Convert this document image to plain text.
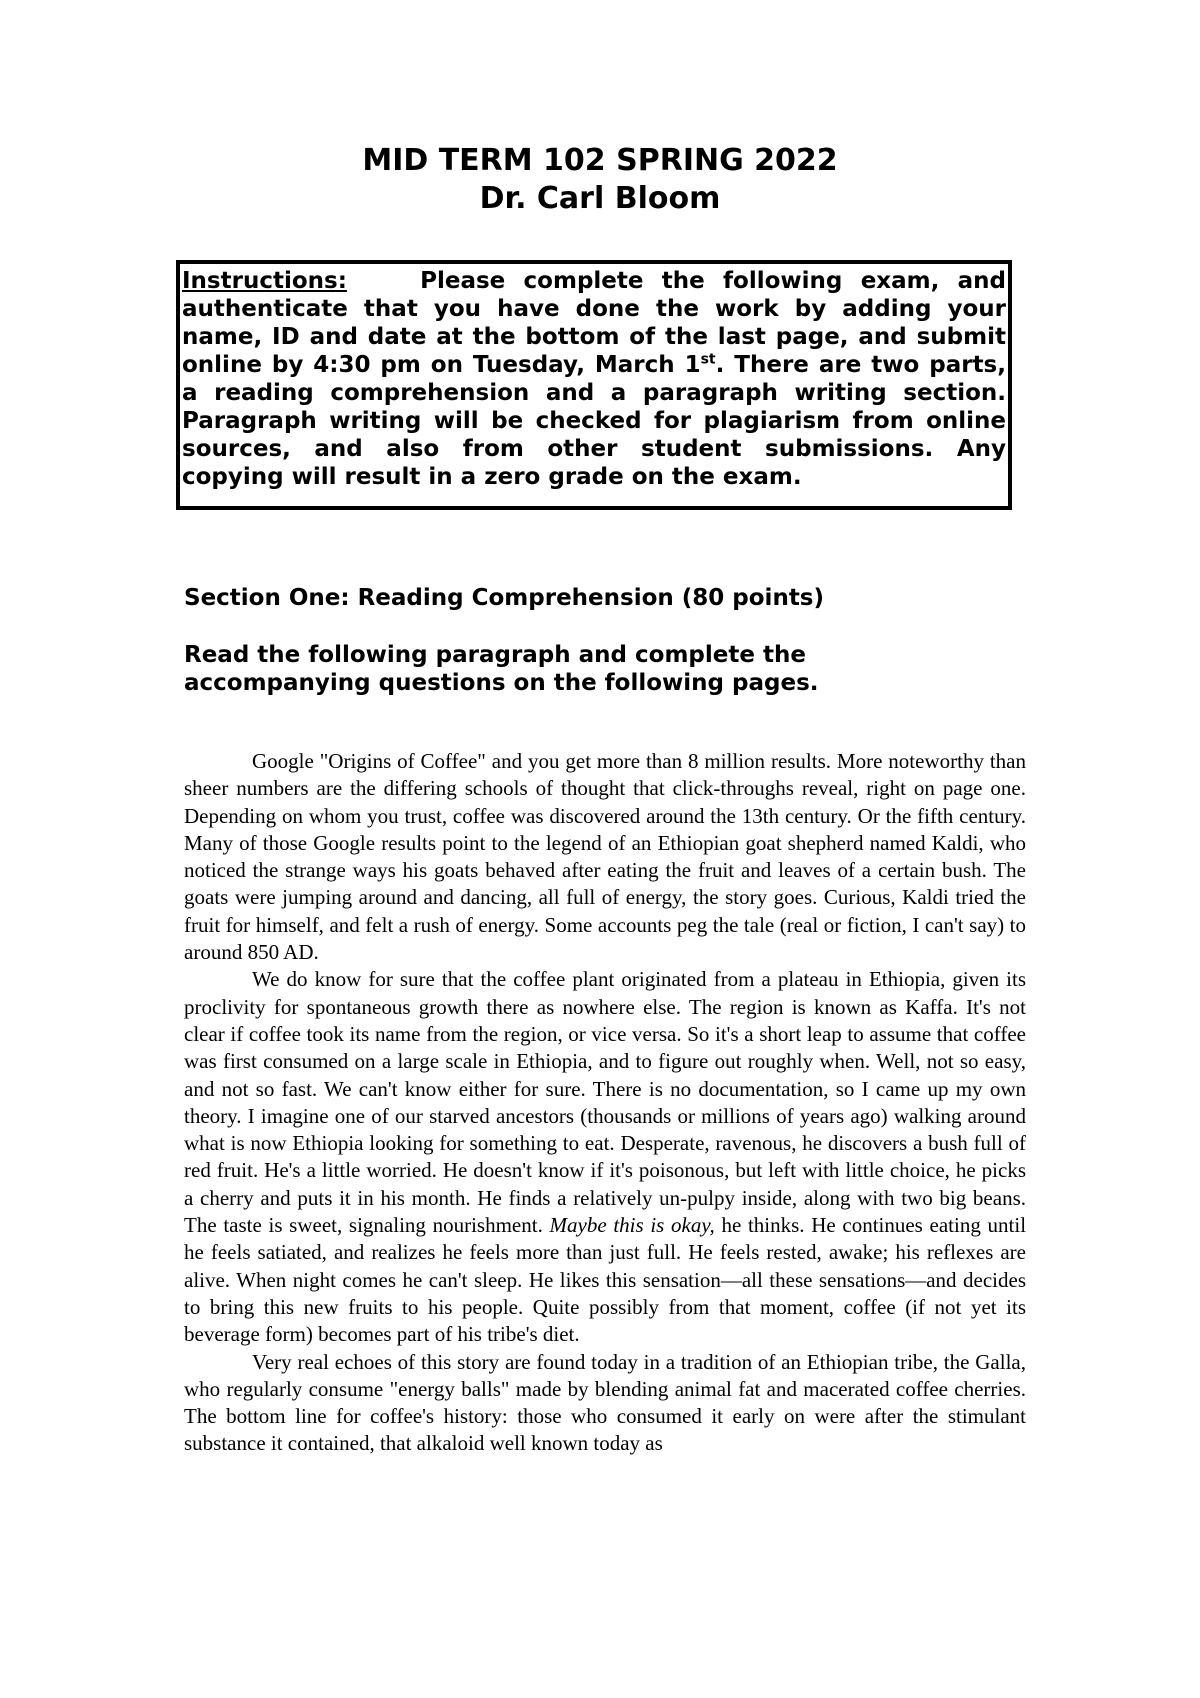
MID TERM 102 SPRING 2022
Dr. Carl Bloom
Instructions:	Please complete the following exam, and authenticate that you have done the work by adding your name, ID and date at the bottom of the last page, and submit online by 4:30 pm on Tuesday, March 1st. There are two parts, a reading comprehension and a paragraph writing section. Paragraph writing will be checked for plagiarism from online sources, and also from other student submissions. Any copying will result in a zero grade on the exam.
Section One: Reading Comprehension (80 points)
Read the following paragraph and complete the
accompanying questions on the following pages.

Google "Origins of Coffee" and you get more than 8 million results. More noteworthy than sheer numbers are the differing schools of thought that click-throughs reveal, right on page one. Depending on whom you trust, coffee was discovered around the 13th century. Or the fifth century. Many of those Google results point to the legend of an Ethiopian goat shepherd named Kaldi, who noticed the strange ways his goats behaved after eating the fruit and leaves of a certain bush. The goats were jumping around and dancing, all full of energy, the story goes. Curious, Kaldi tried the fruit for himself, and felt a rush of energy. Some accounts peg the tale (real or fiction, I can't say) to around 850 AD.

We do know for sure that the coffee plant originated from a plateau in Ethiopia, given its proclivity for spontaneous growth there as nowhere else. The region is known as Kaffa. It's not clear if coffee took its name from the region, or vice versa. So it's a short leap to assume that coffee was first consumed on a large scale in Ethiopia, and to figure out roughly when. Well, not so easy, and not so fast. We can't know either for sure. There is no documentation, so I came up my own theory. I imagine one of our starved ancestors (thousands or millions of years ago) walking around what is now Ethiopia looking for something to eat. Desperate, ravenous, he discovers a bush full of red fruit. He's a little worried. He doesn't know if it's poisonous, but left with little choice, he picks a cherry and puts it in his month. He finds a relatively un-pulpy inside, along with two big beans. The taste is sweet, signaling nourishment. Maybe this is okay, he thinks. He continues eating until he feels satiated, and realizes he feels more than just full. He feels rested, awake; his reflexes are alive. When night comes he can't sleep. He likes this sensation—all these sensations—and decides to bring this new fruits to his people. Quite possibly from that moment, coffee (if not yet its beverage form) becomes part of his tribe's diet.

Very real echoes of this story are found today in a tradition of an Ethiopian tribe, the Galla, who regularly consume "energy balls" made by blending animal fat and macerated coffee cherries. The bottom line for coffee's history: those who consumed it early on were after the stimulant substance it contained, that alkaloid well known today as
